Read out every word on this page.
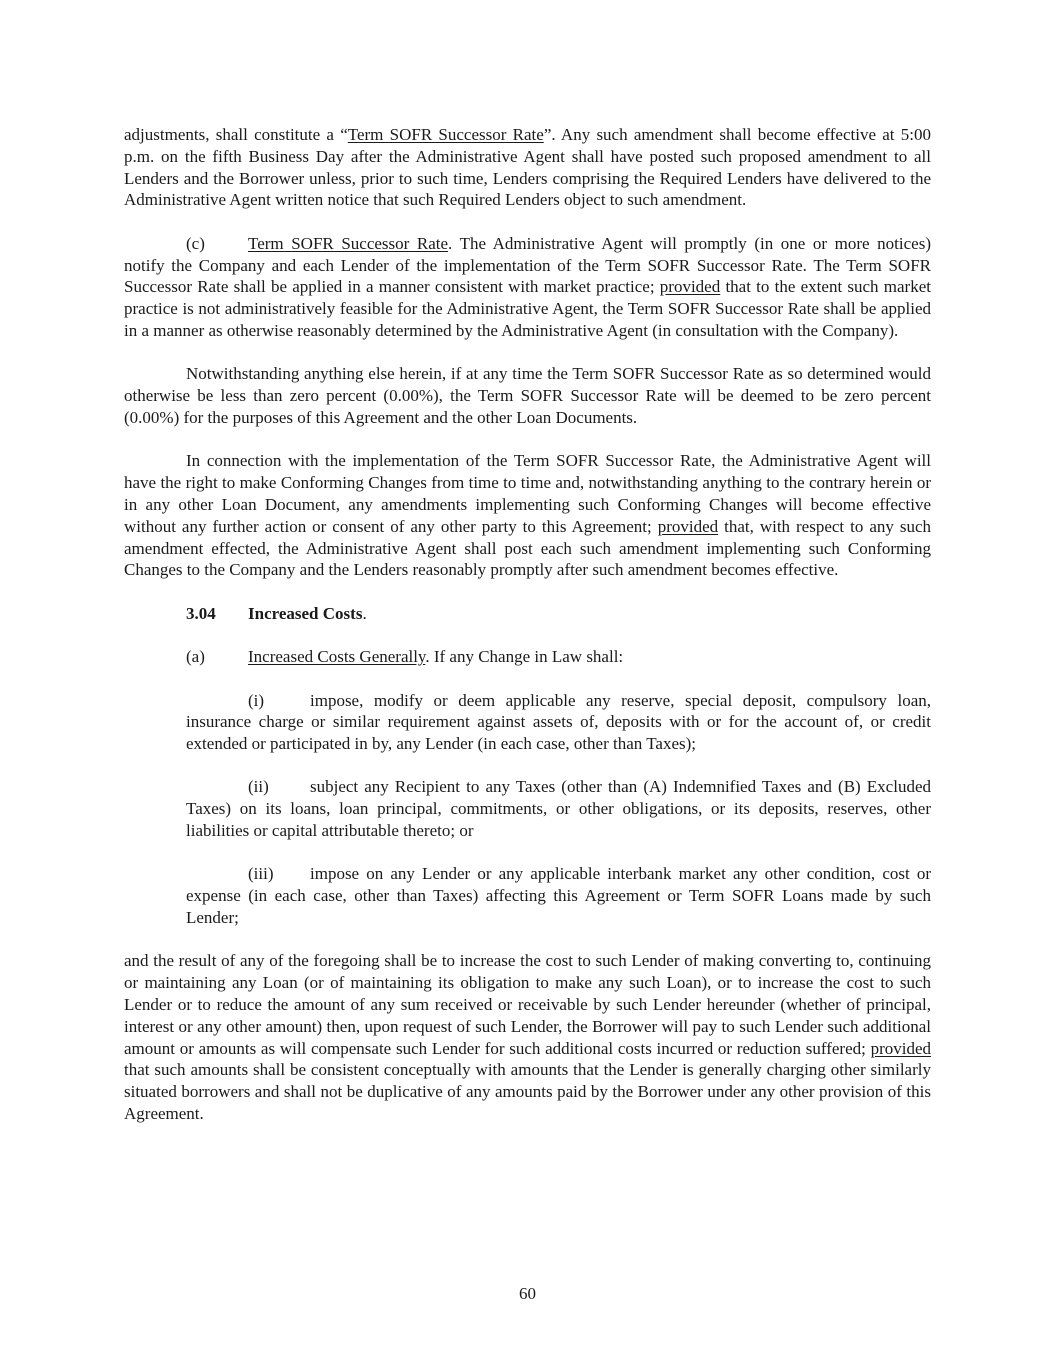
adjustments, shall constitute a “Term SOFR Successor Rate”. Any such amendment shall become effective at 5:00 p.m. on the fifth Business Day after the Administrative Agent shall have posted such proposed amendment to all Lenders and the Borrower unless, prior to such time, Lenders comprising the Required Lenders have delivered to the Administrative Agent written notice that such Required Lenders object to such amendment.

(c)	Term SOFR Successor Rate. The Administrative Agent will promptly (in one or more notices) notify the Company and each Lender of the implementation of the Term SOFR Successor Rate. The Term SOFR Successor Rate shall be applied in a manner consistent with market practice; provided that to the extent such market practice is not administratively feasible for the Administrative Agent, the Term SOFR Successor Rate shall be applied in a manner as otherwise reasonably determined by the Administrative Agent (in consultation with the Company).

Notwithstanding anything else herein, if at any time the Term SOFR Successor Rate as so determined would otherwise be less than zero percent (0.00%), the Term SOFR Successor Rate will be deemed to be zero percent (0.00%) for the purposes of this Agreement and the other Loan Documents.

In connection with the implementation of the Term SOFR Successor Rate, the Administrative Agent will have the right to make Conforming Changes from time to time and, notwithstanding anything to the contrary herein or in any other Loan Document, any amendments implementing such Conforming Changes will become effective without any further action or consent of any other party to this Agreement; provided that, with respect to any such amendment effected, the Administrative Agent shall post each such amendment implementing such Conforming Changes to the Company and the Lenders reasonably promptly after such amendment becomes effective.

3.04 Increased Costs.

(a)	Increased Costs Generally. If any Change in Law shall:

(i)	impose, modify or deem applicable any reserve, special deposit, compulsory loan, insurance charge or similar requirement against assets of, deposits with or for the account of, or credit extended or participated in by, any Lender (in each case, other than Taxes);

(ii) subject any Recipient to any Taxes (other than (A) Indemnified Taxes and (B) Excluded Taxes) on its loans, loan principal, commitments, or other obligations, or its deposits, reserves, other liabilities or capital attributable thereto; or

(iii) impose on any Lender or any applicable interbank market any other condition, cost or expense (in each case, other than Taxes) affecting this Agreement or Term SOFR Loans made by such Lender;

and the result of any of the foregoing shall be to increase the cost to such Lender of making converting to, continuing or maintaining any Loan (or of maintaining its obligation to make any such Loan), or to increase the cost to such Lender or to reduce the amount of any sum received or receivable by such Lender hereunder (whether of principal, interest or any other amount) then, upon request of such Lender, the Borrower will pay to such Lender such additional amount or amounts as will compensate such Lender for such additional costs incurred or reduction suffered; provided that such amounts shall be consistent conceptually with amounts that the Lender is generally charging other similarly situated borrowers and shall not be duplicative of any amounts paid by the Borrower under any other provision of this Agreement.

60
